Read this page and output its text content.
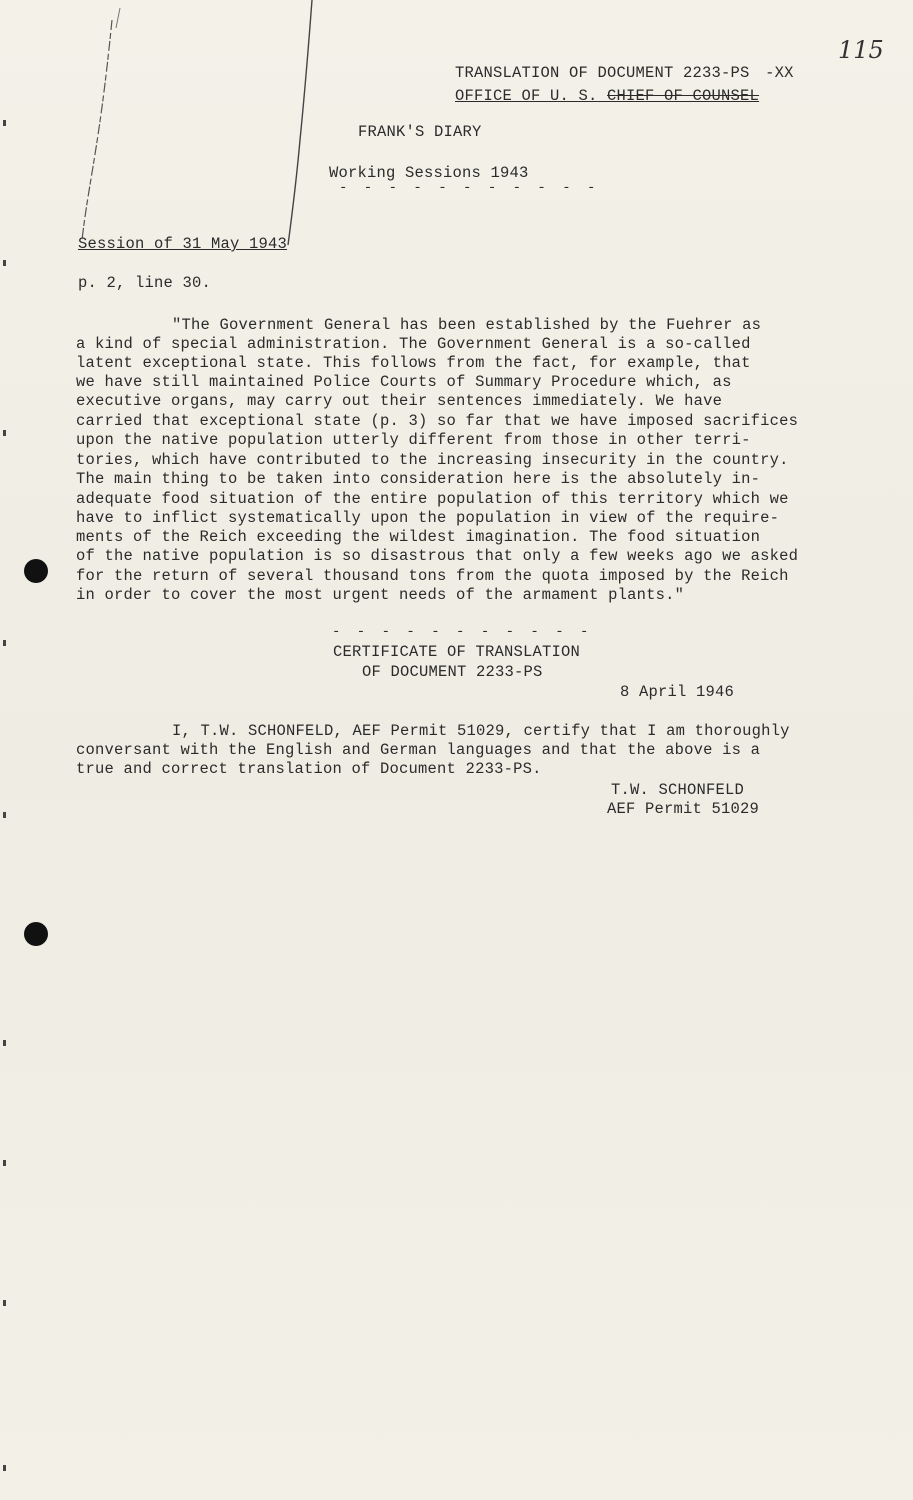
115
TRANSLATION OF DOCUMENT 2233-PS -XX
OFFICE OF U. S. CHIEF OF COUNSEL
FRANK'S DIARY
Working Sessions 1943
- - - - - - - - - - -
Session of 31 May 1943
p. 2, line 30.
"The Government General has been established by the Fuehrer as
a kind of special administration. The Government General is a so-called
latent exceptional state. This follows from the fact, for example, that
we have still maintained Police Courts of Summary Procedure which, as
executive organs, may carry out their sentences immediately. We have
carried that exceptional state (p. 3) so far that we have imposed sacrifices
upon the native population utterly different from those in other terri-
tories, which have contributed to the increasing insecurity in the country.
The main thing to be taken into consideration here is the absolutely in-
adequate food situation of the entire population of this territory which we
have to inflict systematically upon the population in view of the require-
ments of the Reich exceeding the wildest imagination. The food situation
of the native population is so disastrous that only a few weeks ago we asked
for the return of several thousand tons from the quota imposed by the Reich
in order to cover the most urgent needs of the armament plants."
- - - - - - - - - - -
CERTIFICATE OF TRANSLATION
OF DOCUMENT 2233-PS
8 April 1946
I, T.W. SCHONFELD, AEF Permit 51029, certify that I am thoroughly
conversant with the English and German languages and that the above is a
true and correct translation of Document 2233-PS.
T.W. SCHONFELD
AEF Permit 51029
